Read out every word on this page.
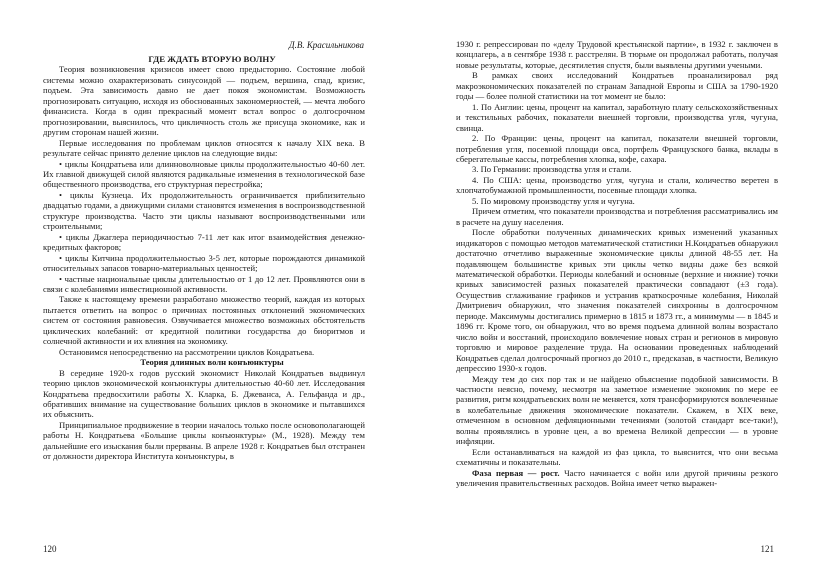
Д.В. Красильникова

ГДЕ ЖДАТЬ ВТОРУЮ ВОЛНУ

Теория возникновения кризисов имеет свою предысторию. Состояние любой системы можно охарактеризовать синусоидой — подъем, вершина, спад, кризис, подъем. Эта зависимость давно не дает покоя экономистам. Возможность прогнозировать ситуацию, исходя из обоснованных закономерностей, — мечта любого финансиста. Когда в один прекрасный момент встал вопрос о долгосрочном прогнозировании, выяснилось, что цикличность столь же присуща экономике, как и другим сторонам нашей жизни.

Первые исследования по проблемам циклов относятся к началу XIX века. В результате сейчас принято деление циклов на следующие виды:

• циклы Кондратьева или длинноволновые циклы продолжительностью 40-60 лет. Их главной движущей силой являются радикальные изменения в технологической базе общественного производства, его структурная перестройка;

• циклы Кузнеца. Их продолжительность ограничивается приблизительно двадцатью годами, а движущими силами становятся изменения в воспроизводственной структуре производства. Часто эти циклы называют воспроизводственными или строительными;

• циклы Джаглера периодичностью 7-11 лет как итог взаимодействия денежно- кредитных факторов;

• циклы Китчина продолжительностью 3-5 лет, которые порождаются динамикой относительных запасов товарно-материальных ценностей;

• частные национальные циклы длительностью от 1 до 12 лет. Проявляются они в связи с колебаниями инвестиционной активности.

Также к настоящему времени разработано множество теорий, каждая из которых пытается ответить на вопрос о причинах постоянных отклонений экономических систем от состояния равновесия. Озвучивается множество возможных обстоятельств циклических колебаний: от кредитной политики государства до биоритмов и солнечной активности и их влияния на экономику.

Остановимся непосредственно на рассмотрении циклов Кондратьева.

Теория длинных волн конъюнктуры

В середине 1920-х годов русский экономист Николай Кондратьев выдвинул теорию циклов экономической конъюнктуры длительностью 40-60 лет. Исследования Кондратьева предвосхитили работы Х. Кларка, Б. Джеванса, А. Гельфанда и др., обративших внимание на существование больших циклов в экономике и пытавшихся их объяснить.

Принципиальное продвижение в теории началось только после основополагающей работы Н. Кондратьева «Большие циклы конъюнктуры» (М., 1928). Между тем дальнейшие его изыскания были прерваны. В апреле 1928 г. Кондратьев был отстранен от должности директора Института конъюнктуры, в

120

1930 г. репрессирован по «делу Трудовой крестьянской партии», в 1932 г. заключен в концлагерь, а в сентябре 1938 г. расстрелян. В тюрьме он продолжал работать, получая новые результаты, которые, десятилетия спустя, были выявлены другими учеными.

В рамках своих исследований Кондратьев проанализировал ряд макроэкономических показателей по странам Западной Европы и США за 1790-1920 годы — более полной статистики на тот момент не было:

1. По Англии: цены, процент на капитал, заработную плату сельскохозяйственных и текстильных рабочих, показатели внешней торговли, производства угля, чугуна, свинца.

2. По Франции: цены, процент на капитал, показатели внешней торговли, потребления угля, посевной площади овса, портфель Французского банка, вклады в сберегательные кассы, потребления хлопка, кофе, сахара.

3. По Германии: производства угля и стали.

4. По США: цены, производство угля, чугуна и стали, количество веретен в хлопчатобумажной промышленности, посевные площади хлопка.

5. По мировому производству угля и чугуна.

Причем отметим, что показатели производства и потребления рассматривались им в расчете на душу населения.

После обработки полученных динамических кривых изменений указанных индикаторов с помощью методов математической статистики Н.Кондратьев обнаружил достаточно отчетливо выраженные экономические циклы длиной 48-55 лет. На подавляющем большинстве кривых эти циклы четко видны даже без всякой математической обработки. Периоды колебаний и основные (верхние и нижние) точки кривых зависимостей разных показателей практически совпадают (±3 года). Осуществив сглаживание графиков и устранив краткосрочные колебания, Николай Дмитриевич обнаружил, что значения показателей синхронны в долгосрочном периоде. Максимумы достигались примерно в 1815 и 1873 гг., а минимумы — в 1845 и 1896 гг. Кроме того, он обнаружил, что во время подъема длинной волны возрастало число войн и восстаний, происходило вовлечение новых стран и регионов в мировую торговлю и мировое разделение труда. На основании проведенных наблюдений Кондратьев сделал долгосрочный прогноз до 2010 г., предсказав, в частности, Великую депрессию 1930-х годов.

Между тем до сих пор так и не найдено объяснение подобной зависимости. В частности неясно, почему, несмотря на заметное изменение экономик по мере ее развития, ритм кондратьевских волн не меняется, хотя трансформируются вовлеченные в колебательные движения экономические показатели. Скажем, в XIX веке, отмеченном в основном дефляционными течениями (золотой стандарт все-таки!), волны проявлялись в уровне цен, а во времена Великой депрессии — в уровне инфляции.

Если останавливаться на каждой из фаз цикла, то выяснится, что они весьма схематичны и показательны.

Фаза первая — рост. Часто начинается с войн или другой причины резкого увеличения правительственных расходов. Война имеет четко выражен-

121
